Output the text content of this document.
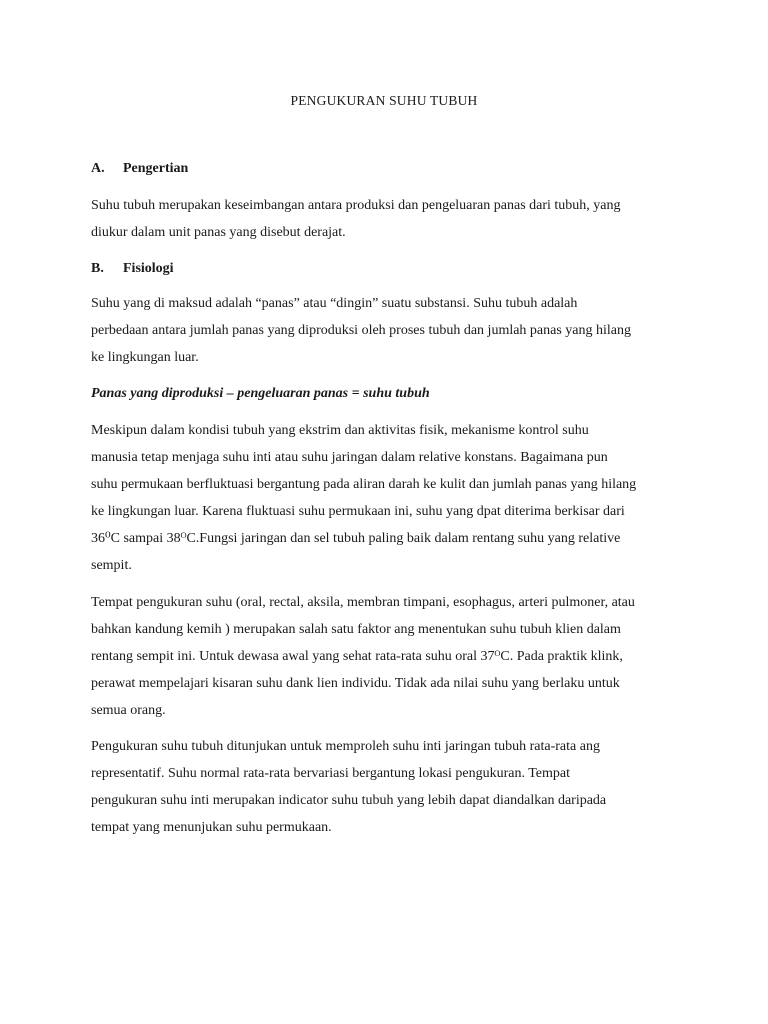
PENGUKURAN SUHU TUBUH
A. Pengertian

Suhu tubuh merupakan keseimbangan antara produksi dan pengeluaran panas dari tubuh, yang
diukur dalam unit panas yang disebut derajat.

B. Fisiologi

Suhu yang di maksud adalah “panas” atau “dingin” suatu substansi. Suhu tubuh adalah
perbedaan antara jumlah panas yang diproduksi oleh proses tubuh dan jumlah panas yang hilang
ke lingkungan luar.

Panas yang diproduksi – pengeluaran panas = suhu tubuh

Meskipun dalam kondisi tubuh yang ekstrim dan aktivitas fisik, mekanisme kontrol suhu
manusia tetap menjaga suhu inti atau suhu jaringan dalam relative konstans. Bagaimana pun
suhu permukaan berfluktuasi bergantung pada aliran darah ke kulit dan jumlah panas yang hilang
ke lingkungan luar. Karena fluktuasi suhu permukaan ini, suhu yang dpat diterima berkisar dari
36⁰C sampai 38ᴼC.Fungsi jaringan dan sel tubuh paling baik dalam rentang suhu yang relative
sempit.

Tempat pengukuran suhu (oral, rectal, aksila, membran timpani, esophagus, arteri pulmoner, atau
bahkan kandung kemih ) merupakan salah satu faktor ang menentukan suhu tubuh klien dalam
rentang sempit ini. Untuk dewasa awal yang sehat rata-rata suhu oral 37ᴼC. Pada praktik klink,
perawat mempelajari kisaran suhu dank lien individu. Tidak ada nilai suhu yang berlaku untuk
semua orang.

Pengukuran suhu tubuh ditunjukan untuk memproleh suhu inti jaringan tubuh rata-rata ang
representatif. Suhu normal rata-rata bervariasi bergantung lokasi pengukuran. Tempat
pengukuran suhu inti merupakan indicator suhu tubuh yang lebih dapat diandalkan daripada
tempat yang menunjukan suhu permukaan.
